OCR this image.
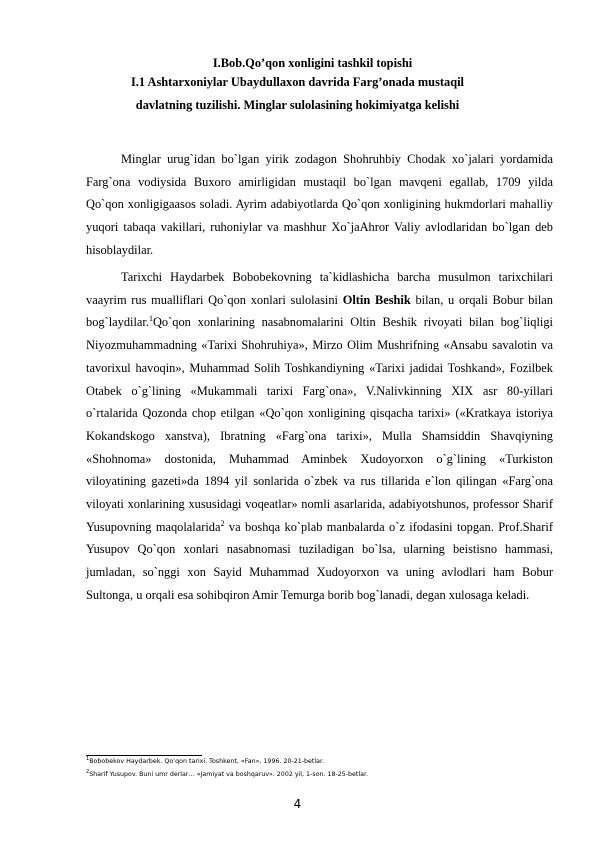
I.Bob.Qo’qon xonligini tashkil topishi
I.1 Ashtarxoniylar Ubaydullaxon davrida Farg’onada mustaqil
davlatning tuzilishi. Minglar sulolasining hokimiyatga kelishi
Minglar urug`idan bo`lgan yirik zodagon Shohruhbiy Chodak xo`jalari yordamida Farg`ona vodiysida Buxoro amirligidan mustaqil bo`lgan mavqeni egallab, 1709 yilda Qo`qon xonligigaasos soladi. Ayrim adabiyotlarda Qo`qon xonligining hukmdorlari mahalliy yuqori tabaqa vakillari, ruhoniylar va mashhur Xo`jaAhror Valiy avlodlaridan bo`lgan deb hisoblaydilar.
Tarixchi Haydarbek Bobobekovning ta`kidlashicha barcha musulmon tarixchilari vaayrim rus mualliflari Qo`qon xonlari sulolasini Oltin Beshik bilan, u orqali Bobur bilan bog`laydilar.$^1$Qo`qon xonlarining nasabnomalarini Oltin Beshik rivoyati bilan bog`liqligi Niyozmuhammadning «Tarixi Shohruhiya», Mirzo Olim Mushrifning «Ansabu savalotin va tavorixul havoqin», Muhammad Solih Toshkandiyning «Tarixi jadidai Toshkand», Fozilbek Otabek o`g`lining «Mukammali tarixi Farg`ona», V.Nalivkinning XIX asr 80-yillari o`rtalarida Qozonda chop etilgan «Qo`qon xonligining qisqacha tarixi» («Kratkaya istoriya Kokandskogo xanstva), Ibratning «Farg`ona tarixi», Mulla Shamsiddin Shavqiyning «Shohnoma» dostonida, Muhammad Aminbek Xudoyorxon o`g`lining «Turkiston viloyatining gazeti»da 1894 yil sonlarida o`zbek va rus tillarida e`lon qilingan «Farg`ona viloyati xonlarining xususidagi voqeatlar» nomli asarlarida, adabiyotshunos, professor Sharif Yusupovning maqolalarida$^2$ va boshqa ko`plab manbalarda o`z ifodasini topgan. Prof.Sharif Yusupov Qo`qon xonlari nasabnomasi tuziladigan bo`lsa, ularning beistisno hammasi, jumladan, so`nggi xon Sayid Muhammad Xudoyorxon va uning avlodlari ham Bobur Sultonga, u orqali esa sohibqiron Amir Temurga borib bog`lanadi, degan xulosaga keladi.
$^1$Bobobekov Haydarbek. Qo’qon tarixi. Toshkent, «Fan», 1996. 20-21-betlar.
$^2$Sharif Yusupov. Buni umr derlar… «Jamiyat va boshqaruv». 2002 yil, 1-son. 18-25-betlar.
4
